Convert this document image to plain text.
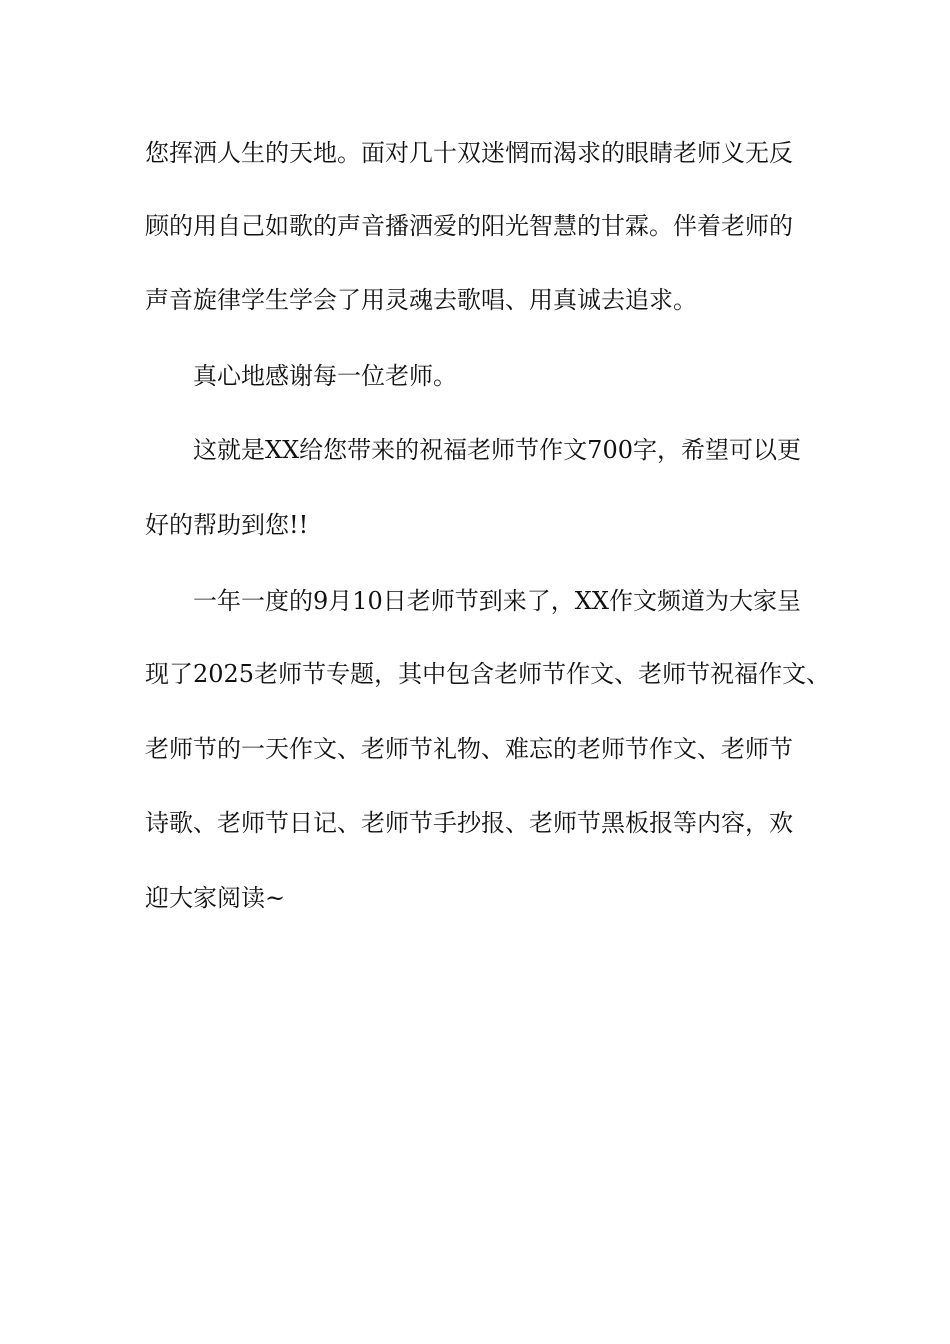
您挥洒人生的天地。面对几十双迷惘而渴求的眼睛老师义无反
顾的用自己如歌的声音播洒爱的阳光智慧的甘霖。伴着老师的
声音旋律学生学会了用灵魂去歌唱、用真诚去追求。
真心地感谢每一位老师。
这就是XX给您带来的祝福老师节作文700字，希望可以更
好的帮助到您!!
一年一度的9月10日老师节到来了，XX作文频道为大家呈
现了2025老师节专题，其中包含老师节作文、老师节祝福作文、
老师节的一天作文、老师节礼物、难忘的老师节作文、老师节
诗歌、老师节日记、老师节手抄报、老师节黑板报等内容，欢
迎大家阅读~
